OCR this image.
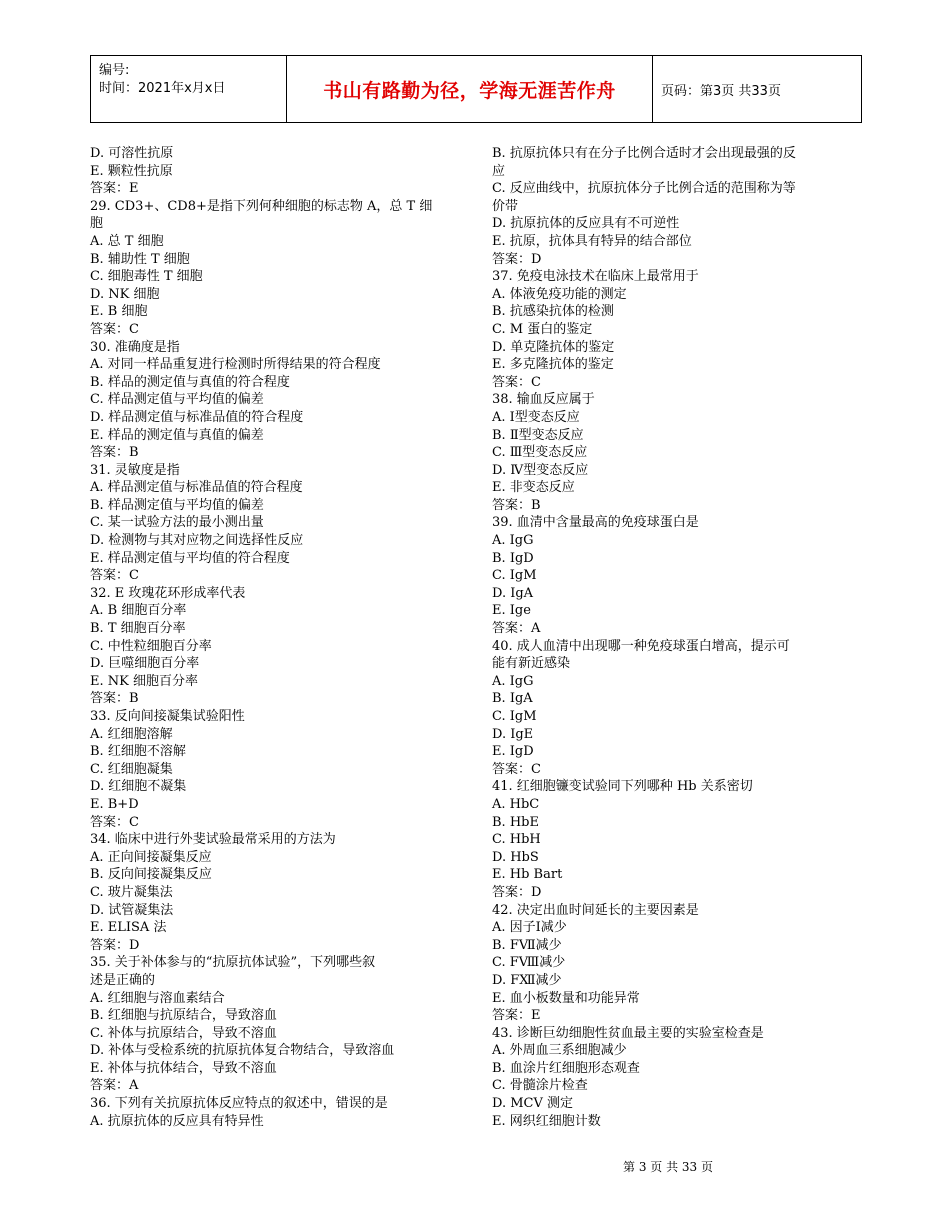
编号:
时间：2021年x月x日	书山有路勤为径，学海无涯苦作舟	页码：第3页 共33页
D. 可溶性抗原
E. 颗粒性抗原
答案：E
29. CD3+、CD8+是指下列何种细胞的标志物 A，总 T 细
胞
A. 总 T 细胞
B. 辅助性 T 细胞
C. 细胞毒性 T 细胞
D. NK 细胞
E. B 细胞
答案：C
30. 准确度是指
A. 对同一样品重复进行检测时所得结果的符合程度
B. 样品的测定值与真值的符合程度
C. 样品测定值与平均值的偏差
D. 样品测定值与标准品值的符合程度
E. 样品的测定值与真值的偏差
答案：B
31. 灵敏度是指
A. 样品测定值与标准品值的符合程度
B. 样品测定值与平均值的偏差
C. 某一试验方法的最小测出量
D. 检测物与其对应物之间选择性反应
E. 样品测定值与平均值的符合程度
答案：C
32. E 玫瑰花环形成率代表
A. B 细胞百分率
B. T 细胞百分率
C. 中性粒细胞百分率
D. 巨噬细胞百分率
E. NK 细胞百分率
答案：B
33. 反向间接凝集试验阳性
A. 红细胞溶解
B. 红细胞不溶解
C. 红细胞凝集
D. 红细胞不凝集
E. B+D
答案：C
34. 临床中进行外斐试验最常采用的方法为
A. 正向间接凝集反应
B. 反向间接凝集反应
C. 玻片凝集法
D. 试管凝集法
E. ELISA 法
答案：D
35. 关于补体参与的“抗原抗体试验”，下列哪些叙
述是正确的
A. 红细胞与溶血素结合
B. 红细胞与抗原结合，导致溶血
C. 补体与抗原结合，导致不溶血
D. 补体与受检系统的抗原抗体复合物结合，导致溶血
E. 补体与抗体结合，导致不溶血
答案：A
36. 下列有关抗原抗体反应特点的叙述中，错误的是
A. 抗原抗体的反应具有特异性
B. 抗原抗体只有在分子比例合适时才会出现最强的反
应
C. 反应曲线中，抗原抗体分子比例合适的范围称为等
价带
D. 抗原抗体的反应具有不可逆性
E. 抗原，抗体具有特异的结合部位
答案：D
37. 免疫电泳技术在临床上最常用于
A. 体液免疫功能的测定
B. 抗感染抗体的检测
C. M 蛋白的鉴定
D. 单克隆抗体的鉴定
E. 多克隆抗体的鉴定
答案：C
38. 输血反应属于
A. Ⅰ型变态反应
B. Ⅱ型变态反应
C. Ⅲ型变态反应
D. Ⅳ型变态反应
E. 非变态反应
答案：B
39. 血清中含量最高的免疫球蛋白是
A. IgG
B. IgD
C. IgM
D. IgA
E. Ige
答案：A
40. 成人血清中出现哪一种免疫球蛋白增高，提示可
能有新近感染
A. IgG
B. IgA
C. IgM
D. IgE
E. IgD
答案：C
41. 红细胞镰变试验同下列哪种 Hb 关系密切
A. HbC
B. HbE
C. HbH
D. HbS
E. Hb Bart
答案：D
42. 决定出血时间延长的主要因素是
A. 因子Ⅰ减少
B. FⅦ减少
C. FⅧ减少
D. FⅫ减少
E. 血小板数量和功能异常
答案：E
43. 诊断巨幼细胞性贫血最主要的实验室检查是
A. 外周血三系细胞减少
B. 血涂片红细胞形态观查
C. 骨髓涂片检查
D. MCV 测定
E. 网织红细胞计数
第 3 页 共 33 页
